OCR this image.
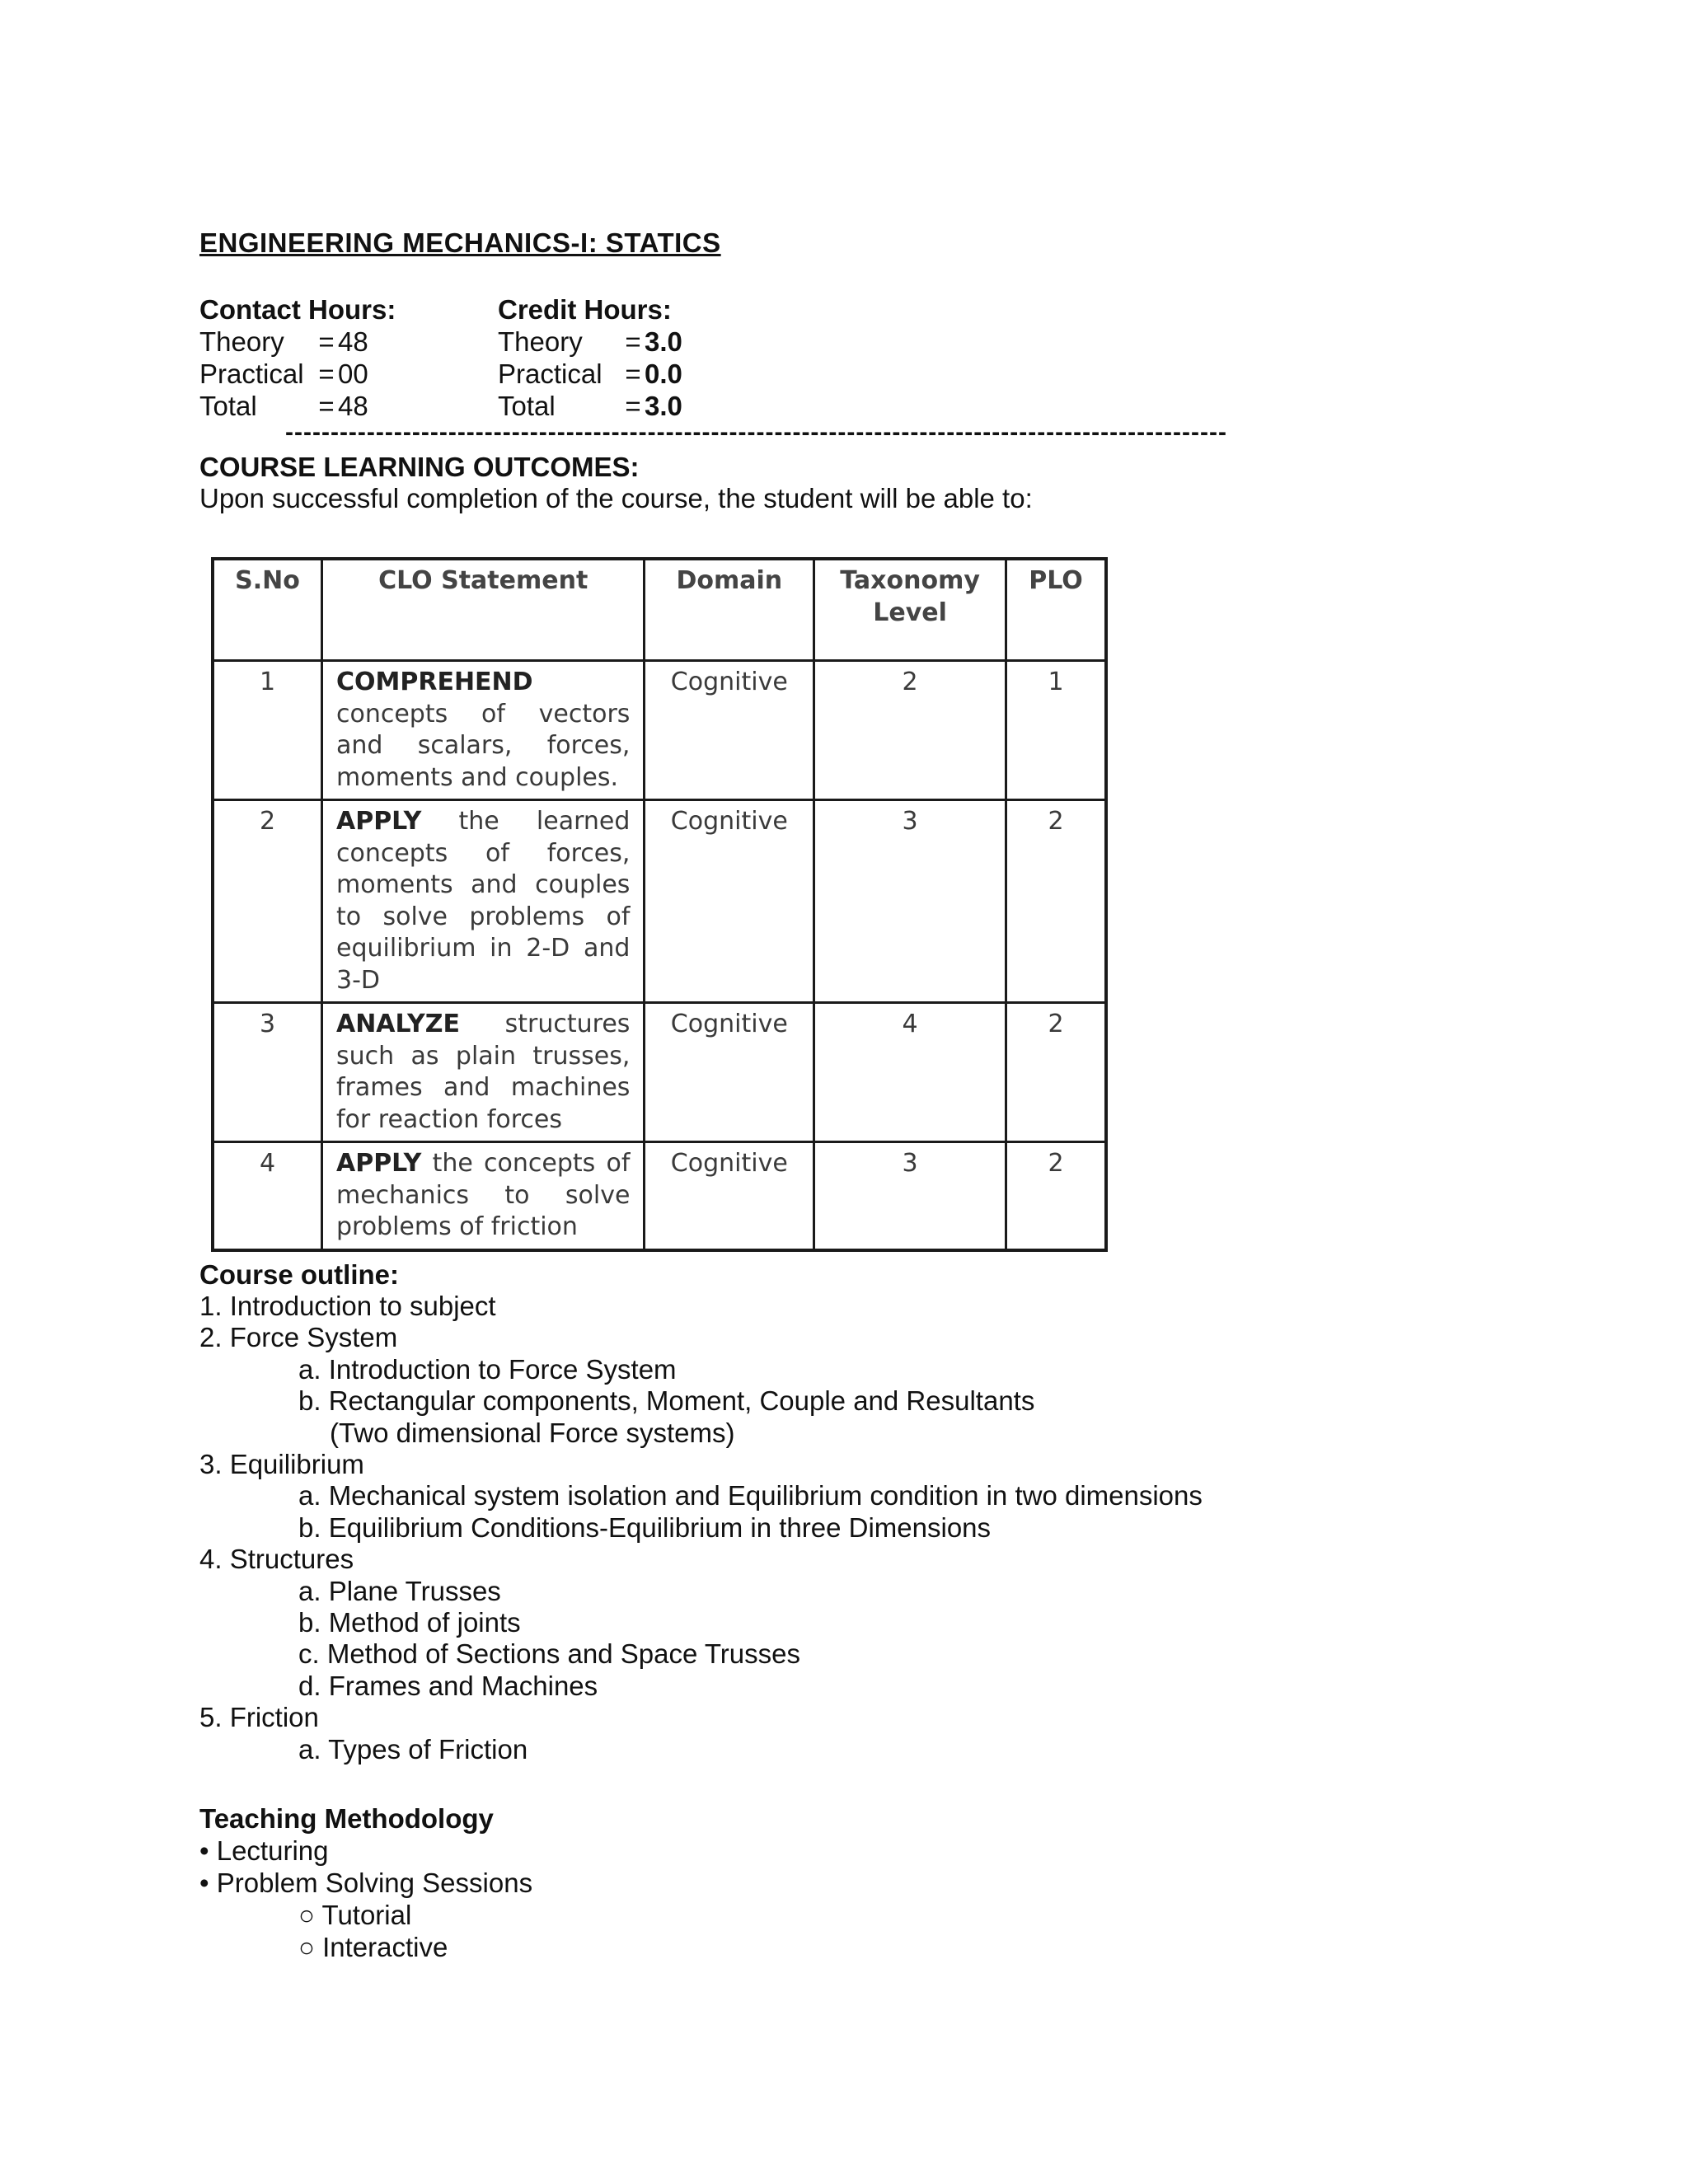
ENGINEERING MECHANICS-I: STATICS
Contact Hours:
Theory	= 48
Practical = 00
Total	= 48
Credit Hours:
Theory	= 3.0
Practical = 0.0
Total	= 3.0
--------------------------------------------------------------------------------------------------------
COURSE LEARNING OUTCOMES:
Upon successful completion of the course, the student will be able to:
S.No	CLO Statement	Domain	Taxonomy Level	PLO
1	COMPREHEND concepts of vectors and scalars, forces, moments and couples.	Cognitive	2	1
2	APPLY the learned concepts of forces, moments and couples to solve problems of equilibrium in 2-D and 3-D	Cognitive	3	2
3	ANALYZE structures such as plain trusses, frames and machines for reaction forces	Cognitive	4	2
4	APPLY the concepts of mechanics to solve problems of friction	Cognitive	3	2
Course outline:
1. Introduction to subject
2. Force System
a. Introduction to Force System
b. Rectangular components, Moment, Couple and Resultants
(Two dimensional Force systems)
3. Equilibrium
a. Mechanical system isolation and Equilibrium condition in two dimensions
b. Equilibrium Conditions-Equilibrium in three Dimensions
4. Structures
a. Plane Trusses
b. Method of joints
c. Method of Sections and Space Trusses
d. Frames and Machines
5. Friction
a. Types of Friction
Teaching Methodology
• Lecturing
• Problem Solving Sessions
○ Tutorial
○ Interactive
